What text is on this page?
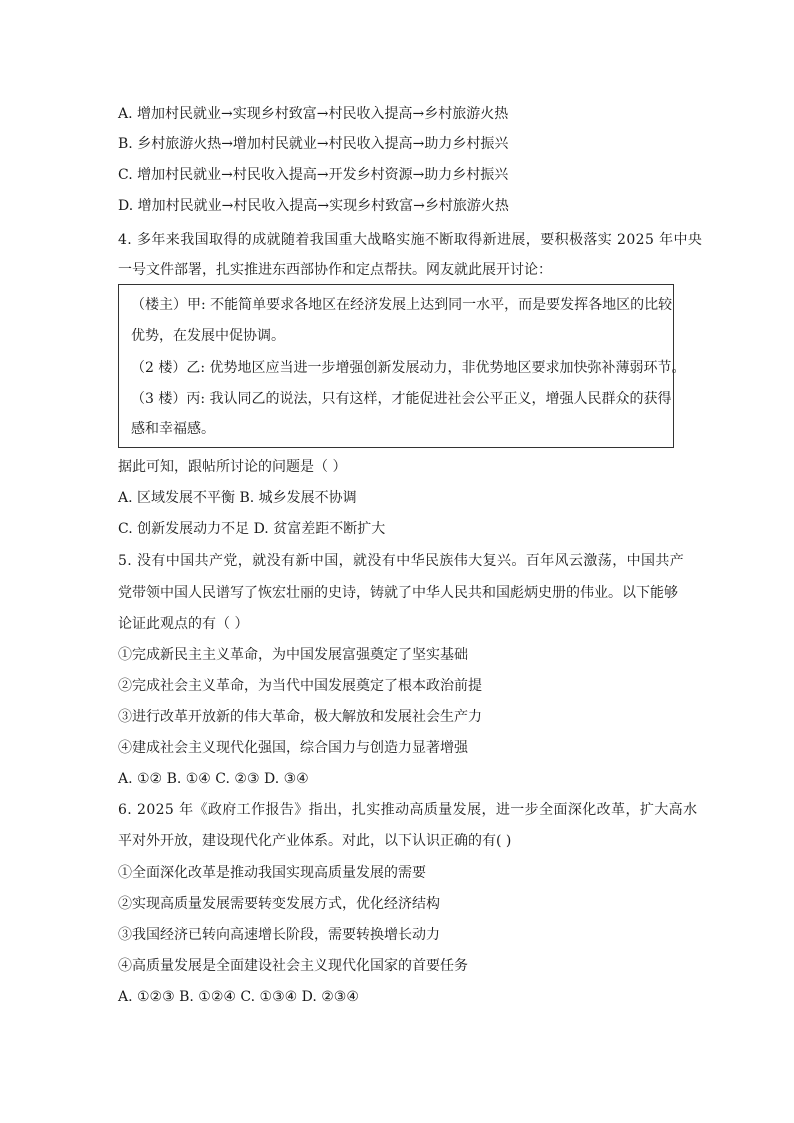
A. 增加村民就业→实现乡村致富→村民收入提高→乡村旅游火热
B. 乡村旅游火热→增加村民就业→村民收入提高→助力乡村振兴
C. 增加村民就业→村民收入提高→开发乡村资源→助力乡村振兴
D. 增加村民就业→村民收入提高→实现乡村致富→乡村旅游火热
4. 多年来我国取得的成就随着我国重大战略实施不断取得新进展，要积极落实 2025 年中央
一号文件部署，扎实推进东西部协作和定点帮扶。网友就此展开讨论：
（楼主）甲: 不能简单要求各地区在经济发展上达到同一水平，而是要发挥各地区的比较
优势，在发展中促协调。
（2 楼）乙: 优势地区应当进一步增强创新发展动力，非优势地区要求加快弥补薄弱环节。
（3 楼）丙: 我认同乙的说法，只有这样，才能促进社会公平正义，增强人民群众的获得
感和幸福感。
据此可知，跟帖所讨论的问题是（ ）
A. 区域发展不平衡 B. 城乡发展不协调
C. 创新发展动力不足 D. 贫富差距不断扩大
5. 没有中国共产党，就没有新中国，就没有中华民族伟大复兴。百年风云激荡，中国共产
党带领中国人民谱写了恢宏壮丽的史诗，铸就了中华人民共和国彪炳史册的伟业。以下能够
论证此观点的有（ ）
①完成新民主主义革命，为中国发展富强奠定了坚实基础
②完成社会主义革命，为当代中国发展奠定了根本政治前提
③进行改革开放新的伟大革命，极大解放和发展社会生产力
④建成社会主义现代化强国，综合国力与创造力显著增强
A. ①② B. ①④ C. ②③ D. ③④
6. 2025 年《政府工作报告》指出，扎实推动高质量发展，进一步全面深化改革，扩大高水
平对外开放，建设现代化产业体系。对此，以下认识正确的有( )
①全面深化改革是推动我国实现高质量发展的需要
②实现高质量发展需要转变发展方式，优化经济结构
③我国经济已转向高速增长阶段，需要转换增长动力
④高质量发展是全面建设社会主义现代化国家的首要任务
A. ①②③ B. ①②④ C. ①③④ D. ②③④
